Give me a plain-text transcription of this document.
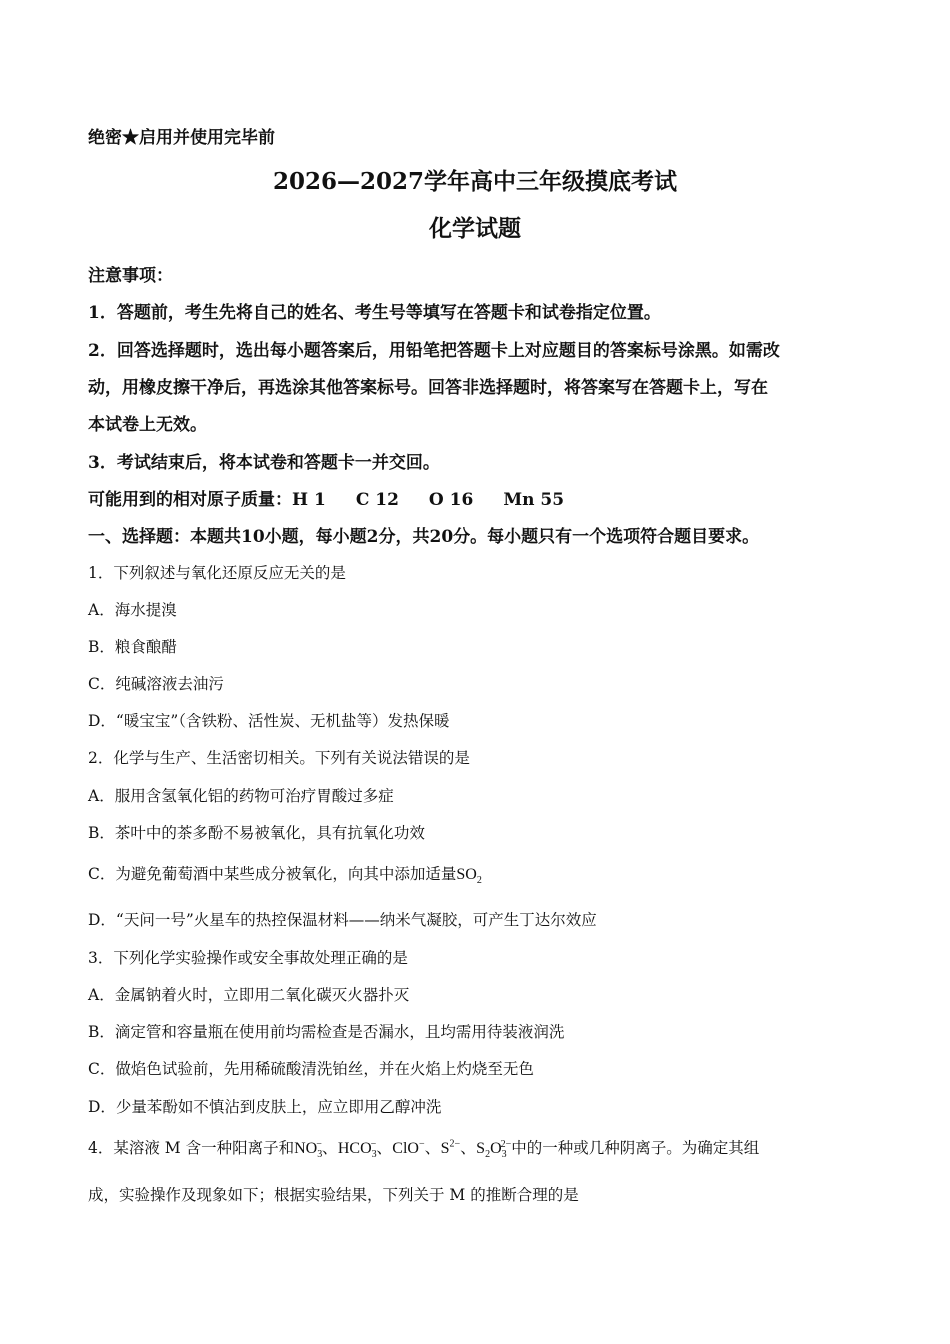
绝密★启用并使用完毕前
2026—2027学年高中三年级摸底考试
化学试题
注意事项：
1．答题前，考生先将自己的姓名、考生号等填写在答题卡和试卷指定位置。
2．回答选择题时，选出每小题答案后，用铅笔把答题卡上对应题目的答案标号涂黑。如需改
动，用橡皮擦干净后，再选涂其他答案标号。回答非选择题时，将答案写在答题卡上，写在
本试卷上无效。
3．考试结束后，将本试卷和答题卡一并交回。
可能用到的相对原子质量：H 1 C 12 O 16 Mn 55
一、选择题：本题共10小题，每小题2分，共20分。每小题只有一个选项符合题目要求。
1．下列叙述与氧化还原反应无关的是
A．海水提溴
B．粮食酿醋
C．纯碱溶液去油污
D．“暖宝宝”（含铁粉、活性炭、无机盐等）发热保暖
2．化学与生产、生活密切相关。下列有关说法错误的是
A．服用含氢氧化铝的药物可治疗胃酸过多症
B．茶叶中的茶多酚不易被氧化，具有抗氧化功效
C．为避免葡萄酒中某些成分被氧化，向其中添加适量$SO_2$
D．“天问一号”火星车的热控保温材料——纳米气凝胶，可产生丁达尔效应
3．下列化学实验操作或安全事故处理正确的是
A．金属钠着火时，立即用二氧化碳灭火器扑灭
B．滴定管和容量瓶在使用前均需检查是否漏水，且均需用待装液润洗
C．做焰色试验前，先用稀硫酸清洗铂丝，并在火焰上灼烧至无色
D．少量苯酚如不慎沾到皮肤上，应立即用乙醇冲洗
4．某溶液 M 含一种阳离子和$NO_3^-$、$HCO_3^-$、ClO−、$S^{2-}$、$S_2O_3^{2-}$中的一种或几种阴离子。为确定其组
成，实验操作及现象如下；根据实验结果，下列关于 M 的推断合理的是
